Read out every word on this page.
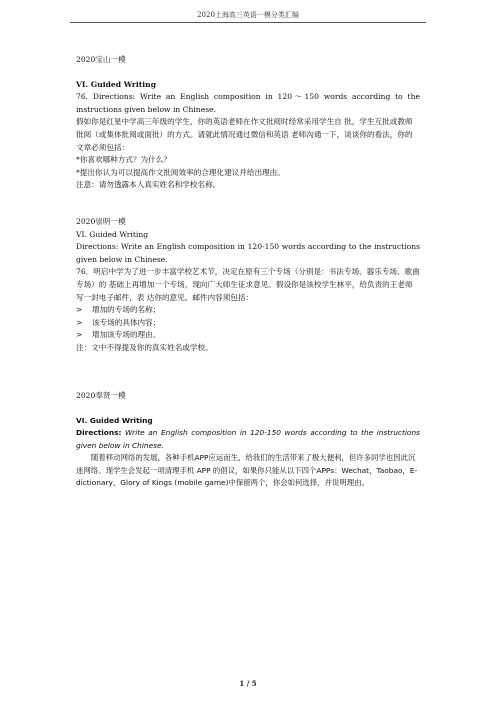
2020上海高三英语一模分类汇编
2020宝山一模
VI. Guided Writing
76. Directions: Write an English composition in 120～150 words according to the instructions given below in Chinese.
假如你是红星中学高三年级的学生，你的英语老师在作文批阅时经常采用学生自 批，学生互批或教师批阅（或集体批阅或面批）的方式。请就此情况通过微信和英语 老师沟通一下，谈谈你的看法，你的文章必须包括：
*你喜欢哪种方式？为什么？
*提出你认为可以提高作文批阅效率的合理化建议并给出理由。
注意：请勿透露本人真实姓名和学校名称。
2020崇明一模
VI. Guided Writing
Directions: Write an English composition in 120-150 words according to the instructions given below in Chinese.
76．明启中学为了进一步丰富学校艺术节，决定在原有三个专场（分别是：书法专场、器乐专场、歌曲专场）的 基础上再增加一个专场，现向广大师生征求意见。假设你是该校学生林平，给负责的王老师写一封电子邮件，表 达你的意见。邮件内容须包括：
> 增加的专场的名称；
> 该专场的具体内容；
> 增加该专场的理由。
注：文中不得提及你的真实姓名或学校。
2020奉贤一模
VI. Guided Writing
Directions: Write an English composition in 120-150 words according to the instructions given below in Chinese.
随着移动网络的发展，各种手机APP应运而生，给我们的生活带来了极大便利，但许多同学也因此沉迷网络。现学生会发起一项清理手机 APP 的倡议，如果你只能从以下四个APPs：Wechat，Taobao，E-dictionary，Glory of Kings (mobile game)中保留两个，你会如何选择，并说明理由。
1 / 5
